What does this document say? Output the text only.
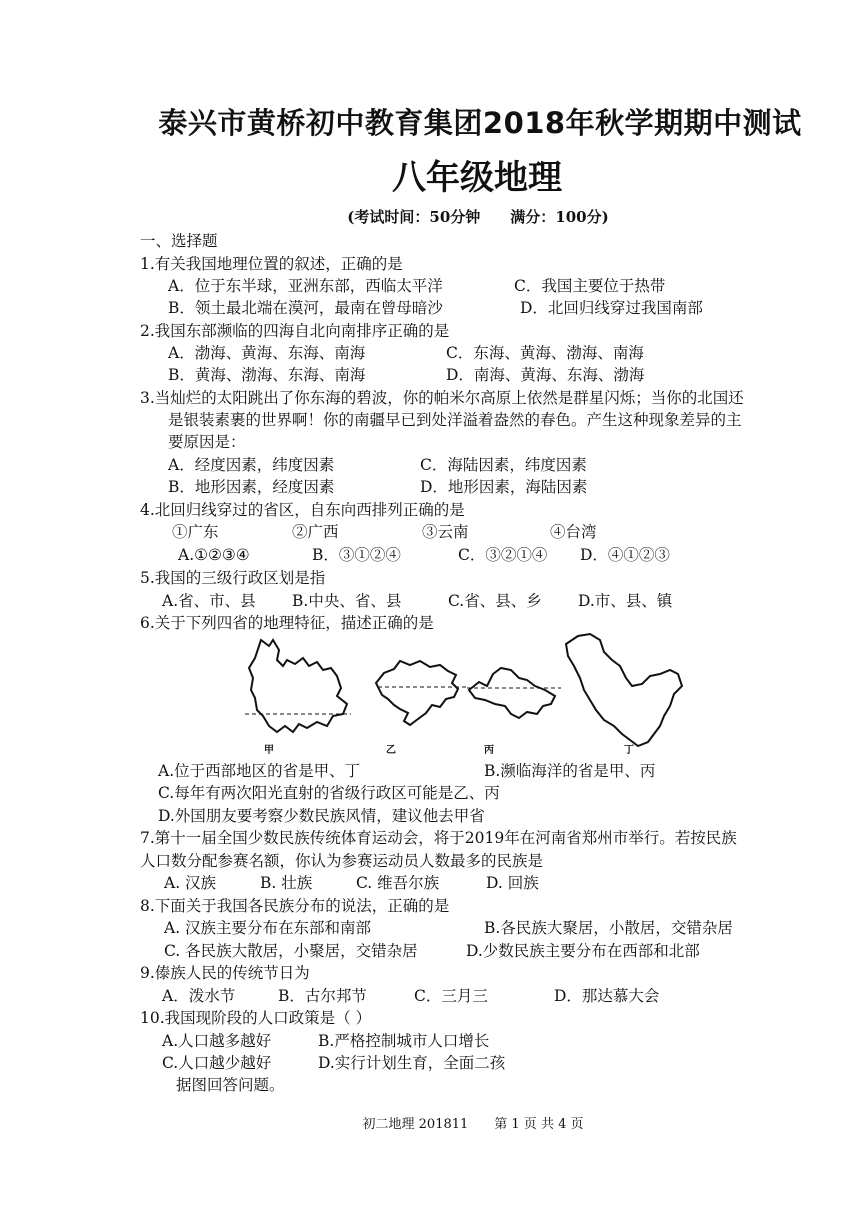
泰兴市黄桥初中教育集团2018年秋学期期中测试
八年级地理
(考试时间：50分钟　　满分：100分)
一、选择题
1.有关我国地理位置的叙述，正确的是
A．位于东半球，亚洲东部，西临太平洋	C．我国主要位于热带
B．领土最北端在漠河，最南在曾母暗沙	D．北回归线穿过我国南部
2.我国东部濒临的四海自北向南排序正确的是
A．渤海、黄海、东海、南海	C．东海、黄海、渤海、南海
B．黄海、渤海、东海、南海	D．南海、黄海、东海、渤海
3.当灿烂的太阳跳出了你东海的碧波，你的帕米尔高原上依然是群星闪烁；当你的北国还
是银装素裹的世界啊！你的南疆早已到处洋溢着盎然的春色。产生这种现象差异的主
要原因是：
A．经度因素，纬度因素	C．海陆因素，纬度因素
B．地形因素，经度因素	D．地形因素，海陆因素
4.北回归线穿过的省区，自东向西排列正确的是
①广东	②广西	③云南	④台湾
A.①②③④	B．③①②④	C．③②①④ D．④①②③
5.我国的三级行政区划是指
A.省、市、县 B.中央、省、县	C.省、县、乡 D.市、县、镇
6.关于下列四省的地理特征，描述正确的是
甲	乙	丙	丁
A.位于西部地区的省是甲、丁	B.濒临海洋的省是甲、丙
C.每年有两次阳光直射的省级行政区可能是乙、丙
D.外国朋友要考察少数民族风情，建议他去甲省
7.第十一届全国少数民族传统体育运动会，将于2019年在河南省郑州市举行。若按民族
人口数分配参赛名额，你认为参赛运动员人数最多的民族是
A. 汉族	B. 壮族	C. 维吾尔族	D. 回族
8.下面关于我国各民族分布的说法，正确的是
A. 汉族主要分布在东部和南部	B.各民族大聚居，小散居，交错杂居
C. 各民族大散居，小聚居，交错杂居	D.少数民族主要分布在西部和北部
9.傣族人民的传统节日为
A．泼水节	B．古尔邦节	C．三月三	D．那达慕大会
10.我国现阶段的人口政策是（ ）
A.人口越多越好	B.严格控制城市人口增长
C.人口越少越好	D.实行计划生育，全面二孩
据图回答问题。
初二地理 201811　　第 1 页 共 4 页
